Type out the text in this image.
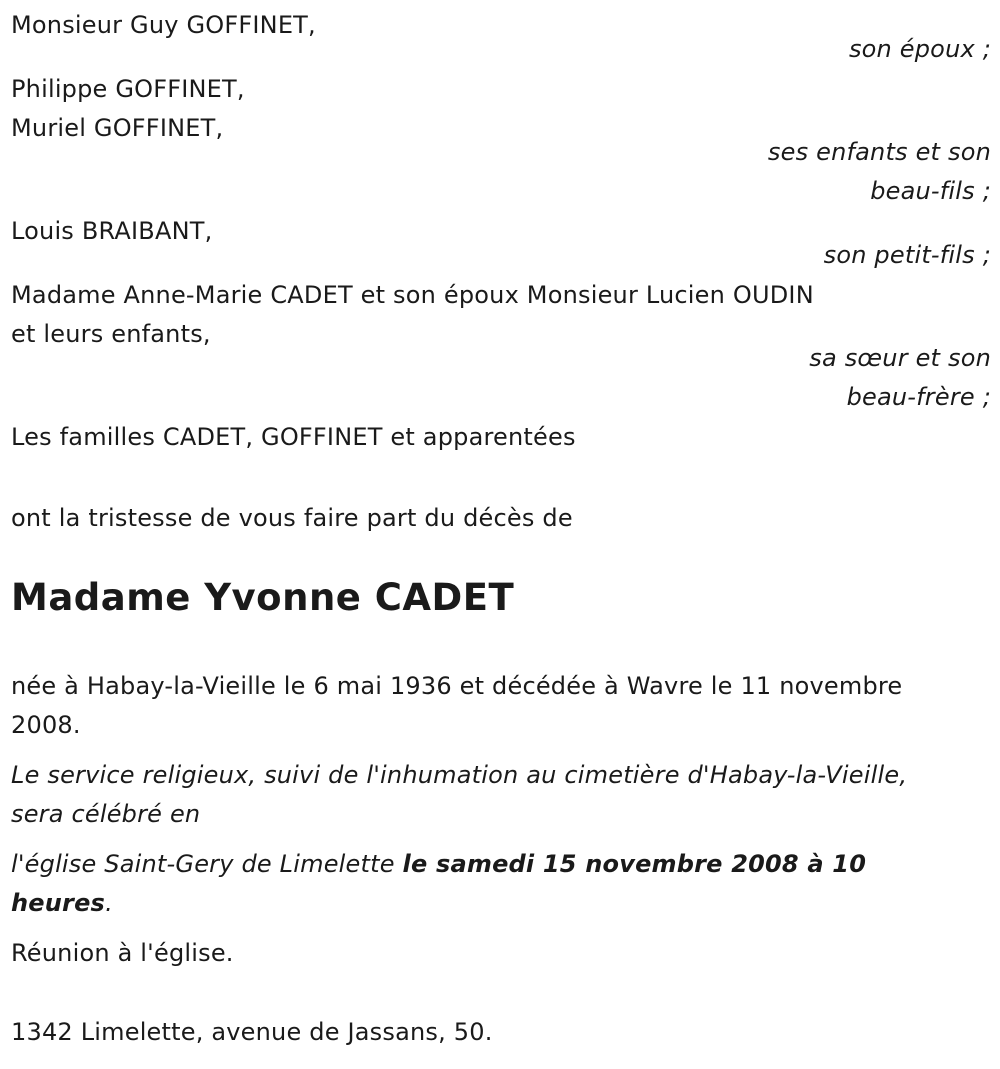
Monsieur Guy GOFFINET,

son époux ;

Philippe GOFFINET,

Muriel GOFFINET,

ses enfants et son

beau-fils ;

Louis BRAIBANT,

son petit-fils ;

Madame Anne-Marie CADET et son époux Monsieur Lucien OUDIN

et leurs enfants,

sa sœur et son

beau-frère ;

Les familles CADET, GOFFINET et apparentées

ont la tristesse de vous faire part du décès de

Madame Yvonne CADET

née à Habay-la-Vieille le 6 mai 1936 et décédée à Wavre le 11 novembre

2008.

Le service religieux, suivi de l'inhumation au cimetière d'Habay-la-Vieille,

sera célébré en

l'église Saint-Gery de Limelette le samedi 15 novembre 2008 à 10

heures.

Réunion à l'église.

1342 Limelette, avenue de Jassans, 50.
